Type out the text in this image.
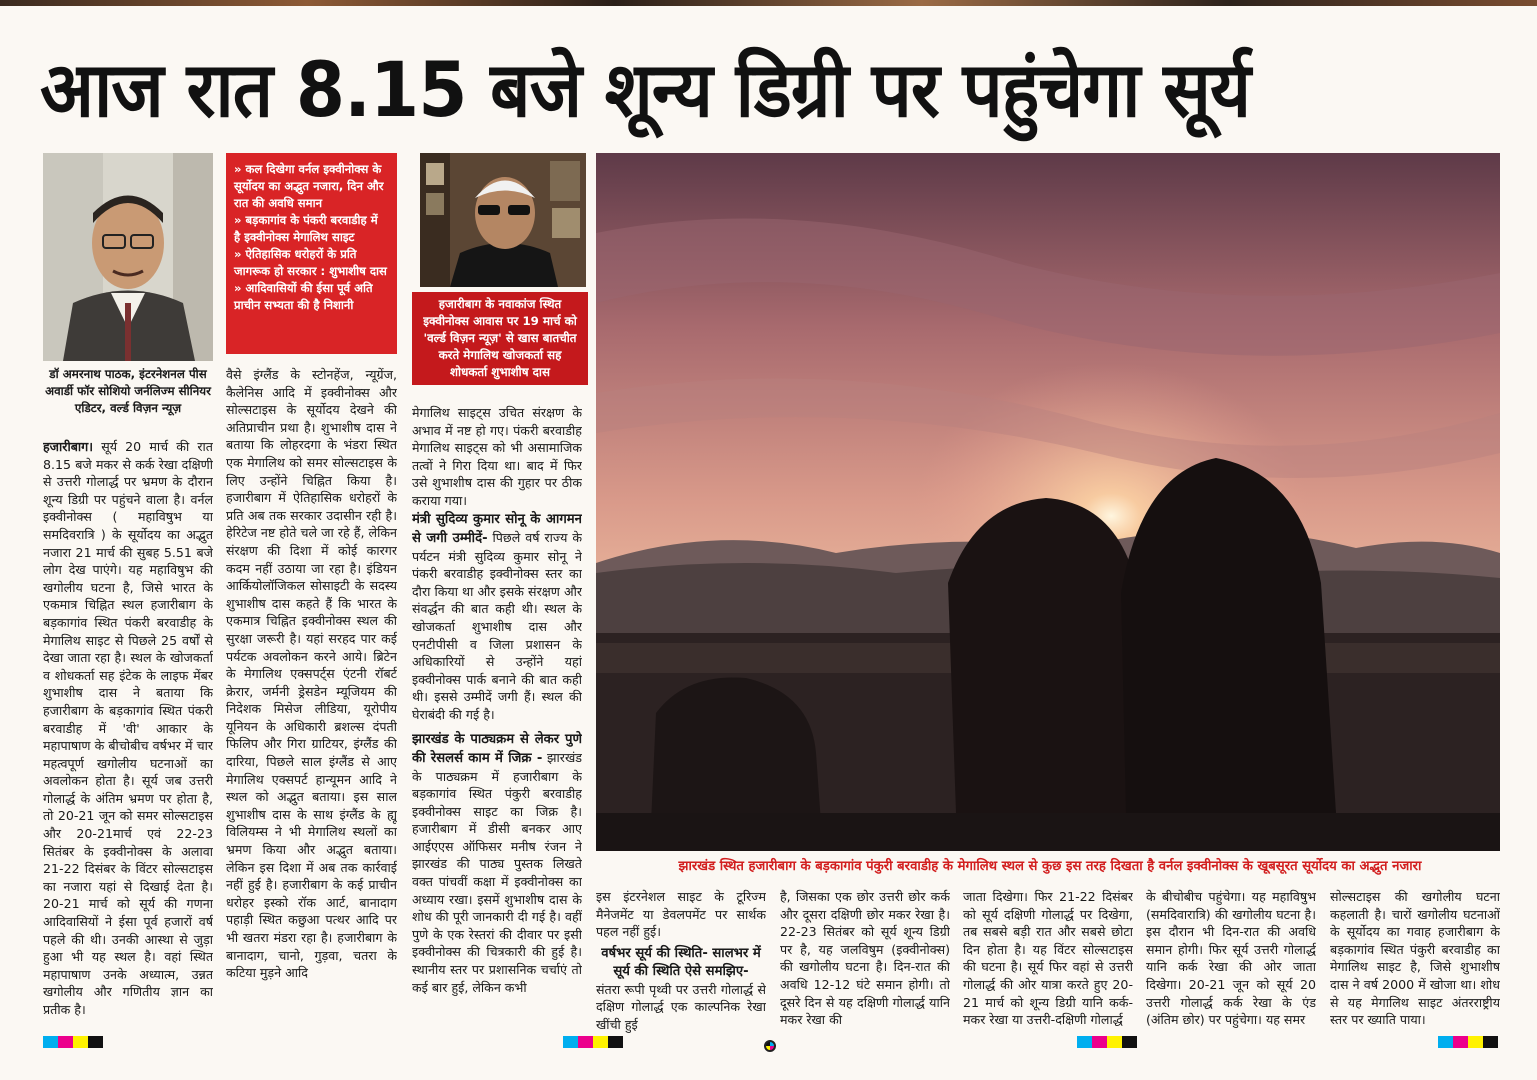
आज रात 8.15 बजे शून्य डिग्री पर पहुंचेगा सूर्य
डॉ अमरनाथ पाठक, इंटरनेशनल पीस अवार्डी फॉर सोशियो जर्नलिज्म सीनियर एडिटर, वर्ल्ड विज़न न्यूज़
» कल दिखेगा वर्नल इक्वीनोक्स के सूर्योदय का अद्भुत नजारा, दिन और रात की अवधि समान
» बड़कागांव के पंकरी बरवाडीह में है इक्वीनोक्स मेगालिथ साइट
» ऐतिहासिक धरोहरों के प्रति जागरूक हो सरकार : शुभाशीष दास
» आदिवासियों की ईसा पूर्व अति प्राचीन सभ्यता की है निशानी	हजारीबाग के नवाकांज स्थित इक्वीनोक्स आवास पर 19 मार्च को 'वर्ल्ड विज़न न्यूज़' से खास बातचीत करते मेगालिथ खोजकर्ता सह शोधकर्ता शुभाशीष दास
झारखंड स्थित हजारीबाग के बड़कागांव पंकुरी बरवाडीह के मेगालिथ स्थल से कुछ इस तरह दिखता है वर्नल इक्वीनोक्स के खूबसूरत सूर्योदय का अद्भुत नजारा

हजारीबाग। सूर्य 20 मार्च की रात 8.15 बजे मकर से कर्क रेखा दक्षिणी से उत्तरी गोलार्द्ध पर भ्रमण के दौरान शून्य डिग्री पर पहुंचने वाला है। वर्नल इक्वीनोक्स ( महाविषुभ या समदिवरात्रि ) के सूर्योदय का अद्भुत नजारा 21 मार्च की सुबह 5.51 बजे लोग देख पाएंगे। यह महाविषुभ की खगोलीय घटना है, जिसे भारत के एकमात्र चिह्नित स्थल हजारीबाग के बड़कागांव स्थित पंकरी बरवाडीह के मेगालिथ साइट से पिछले 25 वर्षों से देखा जाता रहा है। स्थल के खोजकर्ता व शोधकर्ता सह इंटेक के लाइफ मेंबर शुभाशीष दास ने बताया कि हजारीबाग के बड़कागांव स्थित पंकरी बरवाडीह में 'वी' आकार के महापाषाण के बीचोबीच वर्षभर में चार महत्वपूर्ण खगोलीय घटनाओं का अवलोकन होता है। सूर्य जब उत्तरी गोलार्द्ध के अंतिम भ्रमण पर होता है, तो 20-21 जून को समर सोल्सटाइस और 20-21मार्च एवं 22-23 सितंबर के इक्वीनोक्स के अलावा 21-22 दिसंबर के विंटर सोल्सटाइस का नजारा यहां से दिखाई देता है। 20-21 मार्च को सूर्य की गणना आदिवासियों ने ईसा पूर्व हजारों वर्ष पहले की थी। उनकी आस्था से जुड़ा हुआ भी यह स्थल है। वहां स्थित महापाषाण उनके अध्यात्म, उन्नत खगोलीय और गणितीय ज्ञान का प्रतीक है।

वैसे इंग्लैंड के स्टोनहेंज, न्यूग्रेंज, कैलेनिस आदि में इक्वीनोक्स और सोल्सटाइस के सूर्योदय देखने की अतिप्राचीन प्रथा है। शुभाशीष दास ने बताया कि लोहरदगा के भंडरा स्थित एक मेगालिथ को समर सोल्सटाइस के लिए उन्होंने चिह्नित किया है। हजारीबाग में ऐतिहासिक धरोहरों के प्रति अब तक सरकार उदासीन रही है। हेरिटेज नष्ट होते चले जा रहे हैं, लेकिन संरक्षण की दिशा में कोई कारगर कदम नहीं उठाया जा रहा है। इंडियन आर्कियोलॉजिकल सोसाइटी के सदस्य शुभाशीष दास कहते हैं कि भारत के एकमात्र चिह्नित इक्वीनोक्स स्थल की सुरक्षा जरूरी है। यहां सरहद पार कई पर्यटक अवलोकन करने आये। ब्रिटेन के मेगालिथ एक्सपर्ट्स एंटनी रॉबर्ट क्रेरार, जर्मनी ड्रेसडेन म्यूजियम की निदेशक मिसेज लीडिया, यूरोपीय यूनियन के अधिकारी ब्रशल्स दंपती फिलिप और गिरा ग्राटियर, इंग्लैंड की दारिया, पिछले साल इंग्लैंड से आए मेगालिथ एक्सपर्ट हान्यूमन आदि ने स्थल को अद्भुत बताया। इस साल शुभाशीष दास के साथ इंग्लैंड के ह्यू विलियम्स ने भी मेगालिथ स्थलों का भ्रमण किया और अद्भुत बताया। लेकिन इस दिशा में अब तक कार्रवाई नहीं हुई है। हजारीबाग के कई प्राचीन धरोहर इस्को रॉक आर्ट, बानादाग पहाड़ी स्थित कछुआ पत्थर आदि पर भी खतरा मंडरा रहा है। हजारीबाग के बानादाग, चानो, गुड़वा, चतरा के कटिया मुड़ने आदि

मेगालिथ साइट्स उचित संरक्षण के अभाव में नष्ट हो गए। पंकरी बरवाडीह मेगालिथ साइट्स को भी असामाजिक तत्वों ने गिरा दिया था। बाद में फिर उसे शुभाशीष दास की गुहार पर ठीक कराया गया।

मंत्री सुदिव्य कुमार सोनू के आगमन से जगी उम्मीदें- पिछले वर्ष राज्य के पर्यटन मंत्री सुदिव्य कुमार सोनू ने पंकरी बरवाडीह इक्वीनोक्स स्तर का दौरा किया था और इसके संरक्षण और संवर्द्धन की बात कही थी। स्थल के खोजकर्ता शुभाशीष दास और एनटीपीसी व जिला प्रशासन के अधिकारियों से उन्होंने यहां इक्वीनोक्स पार्क बनाने की बात कही थी। इससे उम्मीदें जगी हैं। स्थल की घेराबंदी की गई है।

झारखंड के पाठ्यक्रम से लेकर पुणे की रेसलर्स काम में जिक्र - झारखंड के पाठ्यक्रम में हजारीबाग के बड़कागांव स्थित पंकुरी बरवाडीह इक्वीनोक्स साइट का जिक्र है। हजारीबाग में डीसी बनकर आए आईएएस ऑफिसर मनीष रंजन ने झारखंड की पाठ्य पुस्तक लिखते वक्त पांचवीं कक्षा में इक्वीनोक्स का अध्याय रखा। इसमें शुभाशीष दास के शोध की पूरी जानकारी दी गई है। वहीं पुणे के एक रेस्तरां की दीवार पर इसी इक्वीनोक्स की चित्रकारी की हुई है। स्थानीय स्तर पर प्रशासनिक चर्चाएं तो कई बार हुई, लेकिन कभी

इस इंटरनेशल साइट के टूरिज्म मैनेजमेंट या डेवलपमेंट पर सार्थक पहल नहीं हुई।

वर्षभर सूर्य की स्थिति- सालभर में सूर्य की स्थिति ऐसे समझिए-

संतरा रूपी पृथ्वी पर उत्तरी गोलार्द्ध से दक्षिण गोलार्द्ध एक काल्पनिक रेखा खींची हुई

है, जिसका एक छोर उत्तरी छोर कर्क और दूसरा दक्षिणी छोर मकर रेखा है। 22-23 सितंबर को सूर्य शून्य डिग्री पर है, यह जलविषुम (इक्वीनोक्स) की खगोलीय घटना है। दिन-रात की अवधि 12-12 घंटे समान होगी। तो दूसरे दिन से यह दक्षिणी गोलार्द्ध यानि मकर रेखा की

जाता दिखेगा। फिर 21-22 दिसंबर को सूर्य दक्षिणी गोलार्द्ध पर दिखेगा, तब सबसे बड़ी रात और सबसे छोटा दिन होता है। यह विंटर सोल्सटाइस की घटना है। सूर्य फिर वहां से उत्तरी गोलार्द्ध की ओर यात्रा करते हुए 20-21 मार्च को शून्य डिग्री यानि कर्क-मकर रेखा या उत्तरी-दक्षिणी गोलार्द्ध

के बीचोबीच पहुंचेगा। यह महाविषुभ (समदिवारात्रि) की खगोलीय घटना है। इस दौरान भी दिन-रात की अवधि समान होगी। फिर सूर्य उत्तरी गोलार्द्ध यानि कर्क रेखा की ओर जाता दिखेगा। 20-21 जून को सूर्य 20 उत्तरी गोलार्द्ध कर्क रेखा के एंड (अंतिम छोर) पर पहुंचेगा। यह समर

सोल्सटाइस की खगोलीय घटना कहलाती है। चारों खगोलीय घटनाओं के सूर्योदय का गवाह हजारीबाग के बड़कागांव स्थित पंकुरी बरवाडीह का मेगालिथ साइट है, जिसे शुभाशीष दास ने वर्ष 2000 में खोजा था। शोध से यह मेगालिथ साइट अंतरराष्ट्रीय स्तर पर ख्याति पाया।
